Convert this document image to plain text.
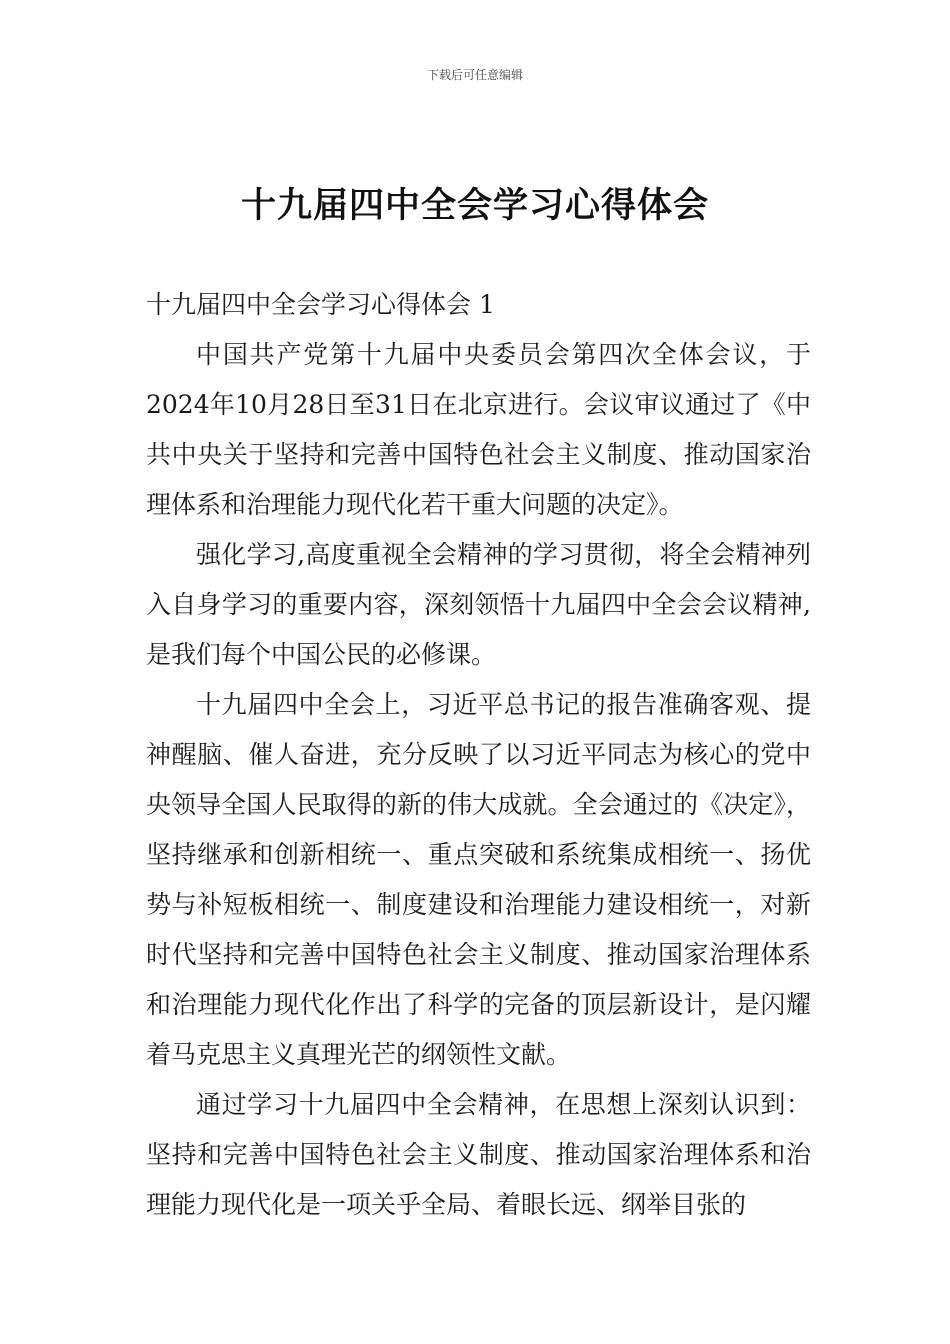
下载后可任意编辑
十九届四中全会学习心得体会

十九届四中全会学习心得体会 1

中国共产党第十九届中央委员会第四次全体会议，于2024年10月28日至31日在北京进行。会议审议通过了《中共中央关于坚持和完善中国特色社会主义制度、推动国家治理体系和治理能力现代化若干重大问题的决定》。

强化学习,高度重视全会精神的学习贯彻，将全会精神列入自身学习的重要内容，深刻领悟十九届四中全会会议精神,是我们每个中国公民的必修课。

十九届四中全会上，习近平总书记的报告准确客观、提神醒脑、催人奋进，充分反映了以习近平同志为核心的党中央领导全国人民取得的新的伟大成就。全会通过的《决定》，坚持继承和创新相统一、重点突破和系统集成相统一、扬优势与补短板相统一、制度建设和治理能力建设相统一，对新时代坚持和完善中国特色社会主义制度、推动国家治理体系和治理能力现代化作出了科学的完备的顶层新设计，是闪耀着马克思主义真理光芒的纲领性文献。

通过学习十九届四中全会精神，在思想上深刻认识到：坚持和完善中国特色社会主义制度、推动国家治理体系和治理能力现代化是一项关乎全局、着眼长远、纲举目张的
